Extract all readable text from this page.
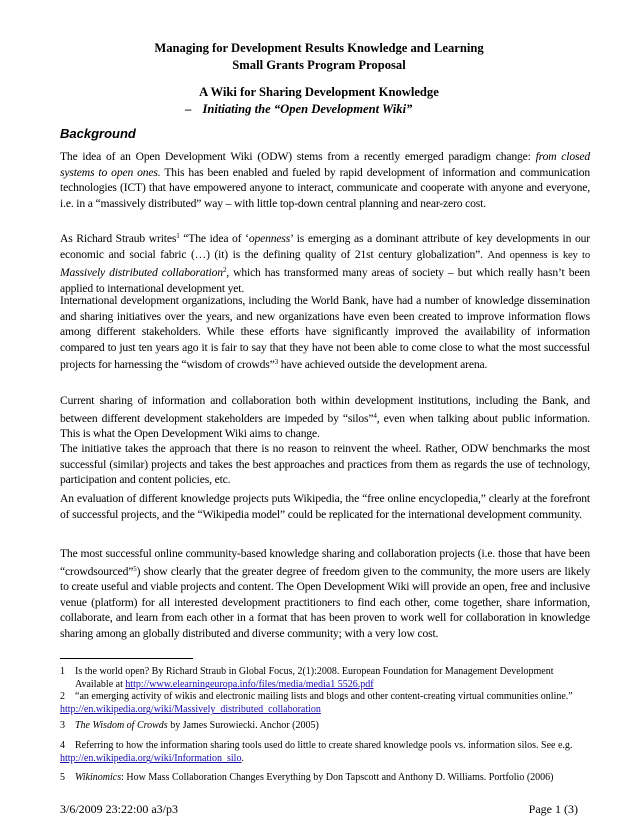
Managing for Development Results Knowledge and Learning
Small Grants Program Proposal
A Wiki for Sharing Development Knowledge
– Initiating the “Open Development Wiki”
Background

The idea of an Open Development Wiki (ODW) stems from a recently emerged paradigm change: from closed systems to open ones. This has been enabled and fueled by rapid development of information and communication technologies (ICT) that have empowered anyone to interact, communicate and cooperate with anyone and everyone, i.e. in a “massively distributed” way – with little top-down central planning and near-zero cost.

As Richard Straub writes$^1$ “The idea of ‘openness’ is emerging as a dominant attribute of key developments in our economic and social fabric (…) (it) is the defining quality of 21st century globalization”. And openness is key to Massively distributed collaboration$^2$, which has transformed many areas of society – but which really hasn’t been applied to international development yet.

International development organizations, including the World Bank, have had a number of knowledge dissemination and sharing initiatives over the years, and new organizations have even been created to improve information flows among different stakeholders. While these efforts have significantly improved the availability of information compared to just ten years ago it is fair to say that they have not been able to come close to what the most successful projects for harnessing the “wisdom of crowds”$^3$ have achieved outside the development arena.

Current sharing of information and collaboration both within development institutions, including the Bank, and between different development stakeholders are impeded by “silos”$^4$, even when talking about public information. This is what the Open Development Wiki aims to change.

The initiative takes the approach that there is no reason to reinvent the wheel. Rather, ODW benchmarks the most successful (similar) projects and takes the best approaches and practices from them as regards the use of technology, participation and content policies, etc.

An evaluation of different knowledge projects puts Wikipedia, the “free online encyclopedia,” clearly at the forefront of successful projects, and the “Wikipedia model” could be replicated for the international development community.

The most successful online community-based knowledge sharing and collaboration projects (i.e. those that have been “crowdsourced”$^5$) show clearly that the greater degree of freedom given to the community, the more users are likely to create useful and viable projects and content. The Open Development Wiki will provide an open, free and inclusive venue (platform) for all interested development practitioners to find each other, come together, share information, collaborate, and learn from each other in a format that has been proven to work well for collaboration in knowledge sharing among an globally distributed and diverse community; with a very low cost.

1 Is the world open? By Richard Straub in Global Focus, 2(1):2008. European Foundation for Management Development
Available at http://www.elearningeuropa.info/files/media/media1 5526.pdf
2 “an emerging activity of wikis and electronic mailing lists and blogs and other content-creating virtual communities online.” http://en.wikipedia.org/wiki/Massively_distributed_collaboration
3 The Wisdom of Crowds by James Surowiecki. Anchor (2005)
4 Referring to how the information sharing tools used do little to create shared knowledge pools vs. information silos. See e.g. http://en.wikipedia.org/wiki/Information_silo.
5 Wikinomics: How Mass Collaboration Changes Everything by Don Tapscott and Anthony D. Williams. Portfolio (2006)
3/6/2009 23:22:00 a3/p3	Page 1 (3)
